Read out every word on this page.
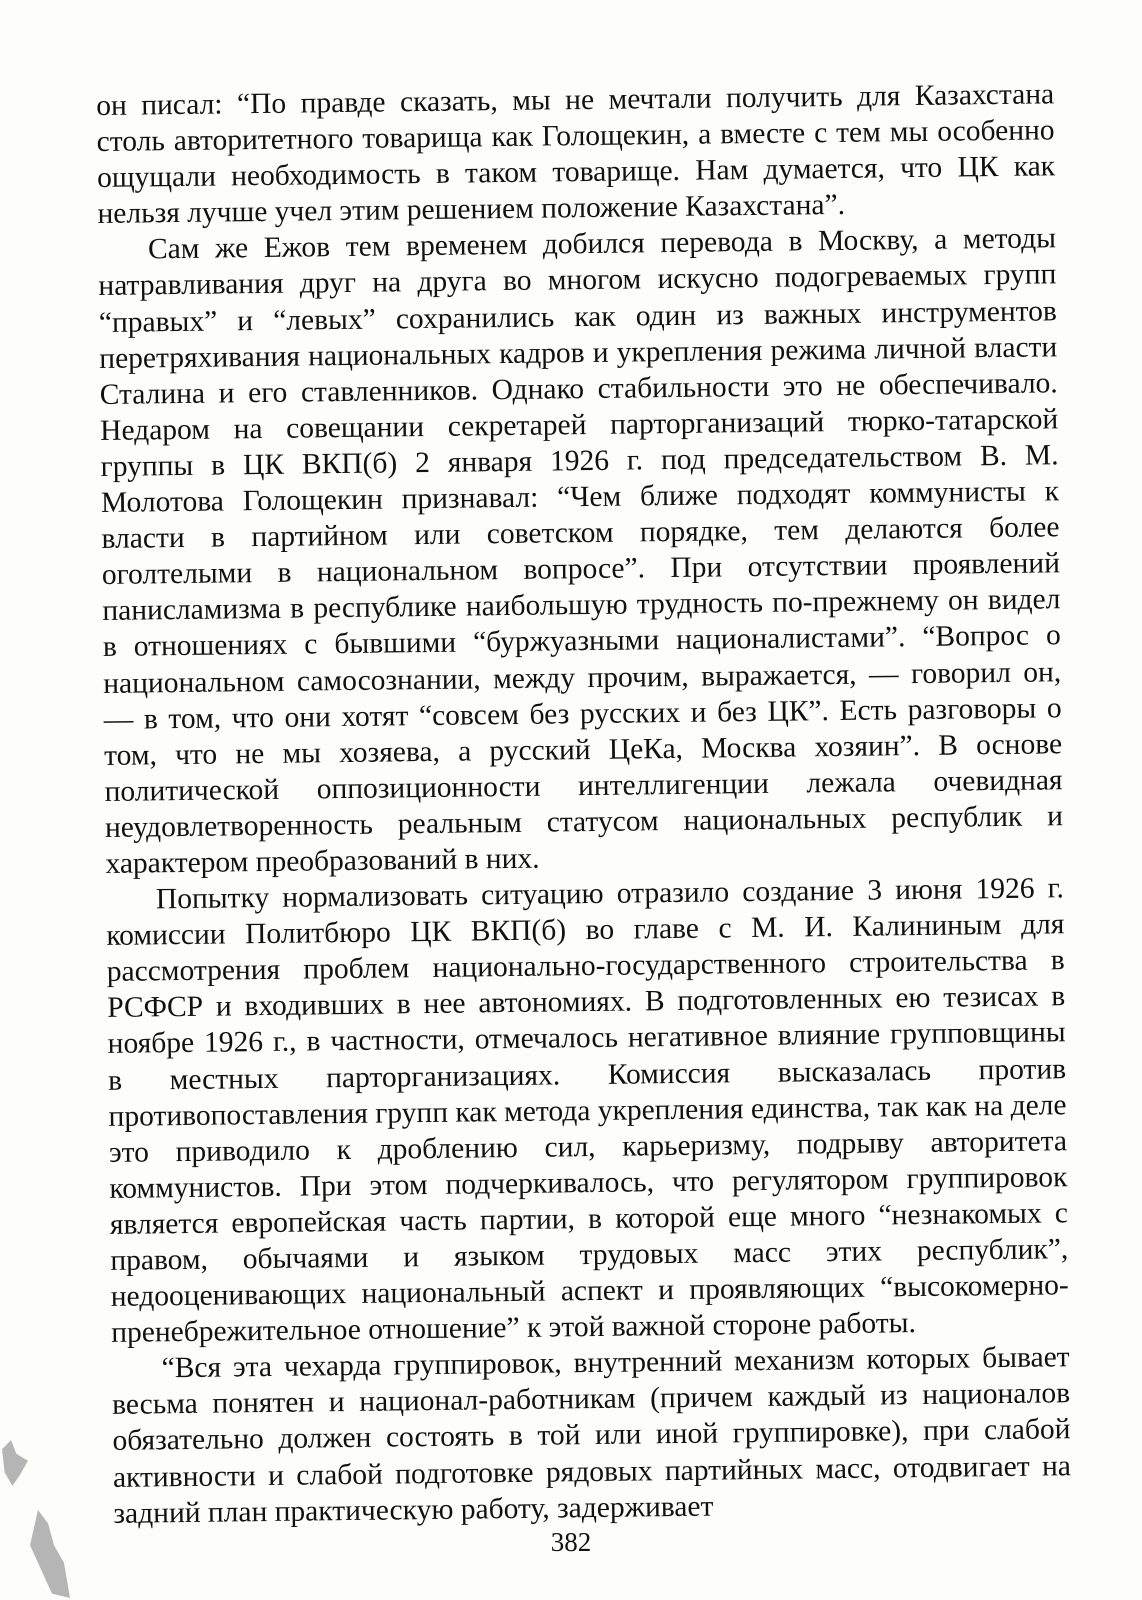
он писал: “По правде сказать, мы не мечтали получить для Казахстана столь авторитетного товарища как Голощекин, а вместе с тем мы особенно ощущали необходимость в таком товарище. Нам думается, что ЦК как нельзя лучше учел этим решением положение Казахстана”.

Сам же Ежов тем временем добился перевода в Москву, а методы натравливания друг на друга во многом искусно подогреваемых групп “правых” и “левых” сохранились как один из важных инструментов перетряхивания национальных кадров и укрепления режима личной власти Сталина и его ставленников. Однако стабильности это не обеспечивало. Недаром на совещании секретарей парторганизаций тюрко-татарской группы в ЦК ВКП(б) 2 января 1926 г. под председательством В. М. Молотова Голощекин признавал: “Чем ближе подходят коммунисты к власти в партийном или советском порядке, тем делаются более оголтелыми в национальном вопросе”. При отсутствии проявлений панисламизма в республике наибольшую трудность по-прежнему он видел в отношениях с бывшими “буржуазными националистами”. “Вопрос о национальном самосознании, между прочим, выражается, — говорил он, — в том, что они хотят “совсем без русских и без ЦК”. Есть разговоры о том, что не мы хозяева, а русский ЦеКа, Москва хозяин”. В основе политической оппозиционности интеллигенции лежала очевидная неудовлетворенность реальным статусом национальных республик и характером преобразований в них.

Попытку нормализовать ситуацию отразило создание 3 июня 1926 г. комиссии Политбюро ЦК ВКП(б) во главе с М. И. Калининым для рассмотрения проблем национально-государственного строительства в РСФСР и входивших в нее автономиях. В подготовленных ею тезисах в ноябре 1926 г., в частности, отмечалось негативное влияние групповщины в местных парторганизациях. Комиссия высказалась против противопоставления групп как метода укрепления единства, так как на деле это приводило к дроблению сил, карьеризму, подрыву авторитета коммунистов. При этом подчеркивалось, что регулятором группировок является европейская часть партии, в которой еще много “незнакомых с правом, обычаями и языком трудовых масс этих республик”, недооценивающих национальный аспект и проявляющих “высокомерно-пренебрежительное отношение” к этой важной стороне работы.

“Вся эта чехарда группировок, внутренний механизм которых бывает весьма понятен и национал-работникам (причем каждый из националов обязательно должен состоять в той или иной группировке), при слабой активности и слабой подготовке рядовых партийных масс, отодвигает на задний план практическую работу, задерживает

382
